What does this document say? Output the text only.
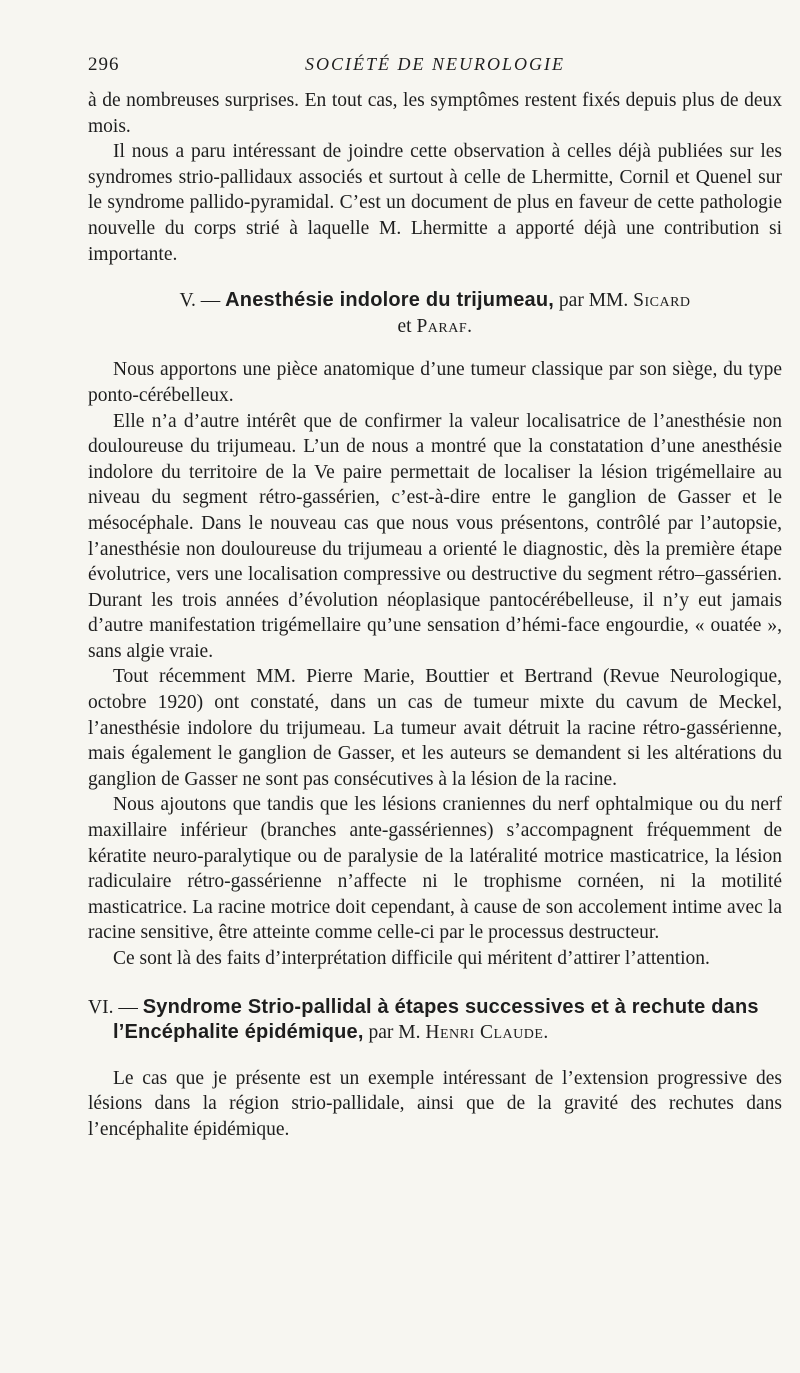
296	SOCIÉTÉ DE NEUROLOGIE

à de nombreuses surprises. En tout cas, les symptômes restent fixés depuis plus de deux mois.

Il nous a paru intéressant de joindre cette observation à celles déjà publiées sur les syndromes strio-pallidaux associés et surtout à celle de Lhermitte, Cornil et Quenel sur le syndrome pallido-pyramidal. C’est un document de plus en faveur de cette pathologie nouvelle du corps strié à laquelle M. Lhermitte a apporté déjà une contribution si importante.

V. — Anesthésie indolore du trijumeau, par MM. Sicard
et Paraf.

Nous apportons une pièce anatomique d’une tumeur classique par son siège, du type ponto-cérébelleux.

Elle n’a d’autre intérêt que de confirmer la valeur localisatrice de l’anesthésie non douloureuse du trijumeau. L’un de nous a montré que la constatation d’une anesthésie indolore du territoire de la Ve paire permettait de localiser la lésion trigémellaire au niveau du segment rétro-gassérien, c’est-à-dire entre le ganglion de Gasser et le mésocéphale. Dans le nouveau cas que nous vous présentons, contrôlé par l’autopsie, l’anesthésie non douloureuse du trijumeau a orienté le diagnostic, dès la première étape évolutrice, vers une localisation compressive ou destructive du segment rétro–gassérien. Durant les trois années d’évolution néoplasique pantocérébelleuse, il n’y eut jamais d’autre manifestation trigémellaire qu’une sensation d’hémi-face engourdie, « ouatée », sans algie vraie.

Tout récemment MM. Pierre Marie, Bouttier et Bertrand (Revue Neurologique, octobre 1920) ont constaté, dans un cas de tumeur mixte du cavum de Meckel, l’anesthésie indolore du trijumeau. La tumeur avait détruit la racine rétro-gassérienne, mais également le ganglion de Gasser, et les auteurs se demandent si les altérations du ganglion de Gasser ne sont pas consécutives à la lésion de la racine.

Nous ajoutons que tandis que les lésions craniennes du nerf ophtalmique ou du nerf maxillaire inférieur (branches ante-gassériennes) s’accompagnent fréquemment de kératite neuro-paralytique ou de paralysie de la latéralité motrice masticatrice, la lésion radiculaire rétro-gassérienne n’affecte ni le trophisme cornéen, ni la motilité masticatrice. La racine motrice doit cependant, à cause de son accolement intime avec la racine sensitive, être atteinte comme celle-ci par le processus destructeur.

Ce sont là des faits d’interprétation difficile qui méritent d’attirer l’attention.

VI. — Syndrome Strio-pallidal à étapes successives et à rechute dans l’Encéphalite épidémique, par M. Henri Claude.

Le cas que je présente est un exemple intéressant de l’extension progressive des lésions dans la région strio-pallidale, ainsi que de la gravité des rechutes dans l’encéphalite épidémique.
